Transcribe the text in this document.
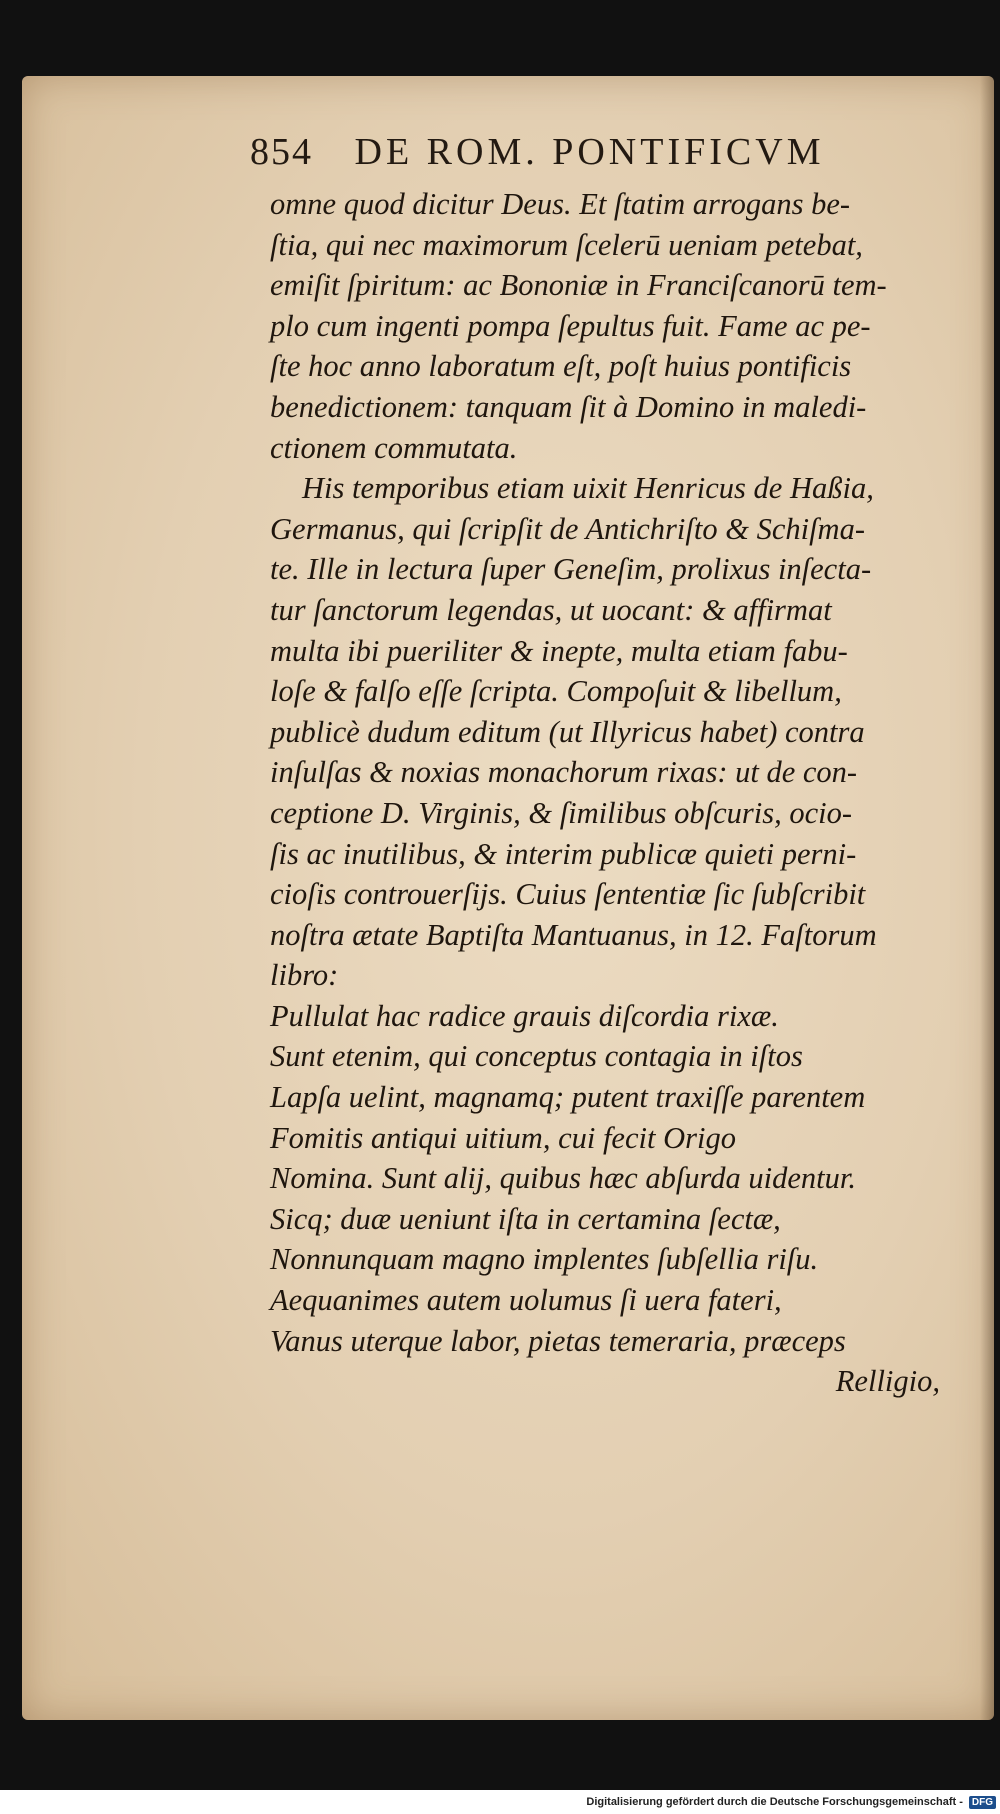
854 DE ROM. PONTIFICVM
omne quod dicitur Deus. Et ſtatim arrogans be-
ſtia, qui nec maximorum ſcelerū ueniam petebat,
emiſit ſpiritum: ac Bononiæ in Franciſcanorū tem-
plo cum ingenti pompa ſepultus fuit. Fame ac pe-
ſte hoc anno laboratum eſt, poſt huius pontificis
benedictionem: tanquam ſit à Domino in maledi-
ctionem commutata.
His temporibus etiam uixit Henricus de Haßia,
Germanus, qui ſcripſit de Antichriſto & Schiſma-
te. Ille in lectura ſuper Geneſim, prolixus inſecta-
tur ſanctorum legendas, ut uocant: & affirmat
multa ibi pueriliter & inepte, multa etiam fabu-
loſe & falſo eſſe ſcripta. Compoſuit & libellum,
publicè dudum editum (ut Illyricus habet) contra
inſulſas & noxias monachorum rixas: ut de con-
ceptione D. Virginis, & ſimilibus obſcuris, ocio-
ſis ac inutilibus, & interim publicæ quieti perni-
cioſis controuerſijs. Cuius ſententiæ ſic ſubſcribit
noſtra ætate Baptiſta Mantuanus, in 12. Faſtorum
libro:
Pullulat hac radice grauis diſcordia rixæ.
Sunt etenim, qui conceptus contagia in iſtos
Lapſa uelint, magnamq; putent traxiſſe parentem
Fomitis antiqui uitium, cui fecit Origo
Nomina. Sunt alij, quibus hæc abſurda uidentur.
Sicq; duæ ueniunt iſta in certamina ſectæ,
Nonnunquam magno implentes ſubſellia riſu.
Aequanimes autem uolumus ſi uera fateri,
Vanus uterque labor, pietas temeraria, præceps
Relligio,
Digitalisierung gefördert durch die Deutsche Forschungsgemeinschaft - DFG
